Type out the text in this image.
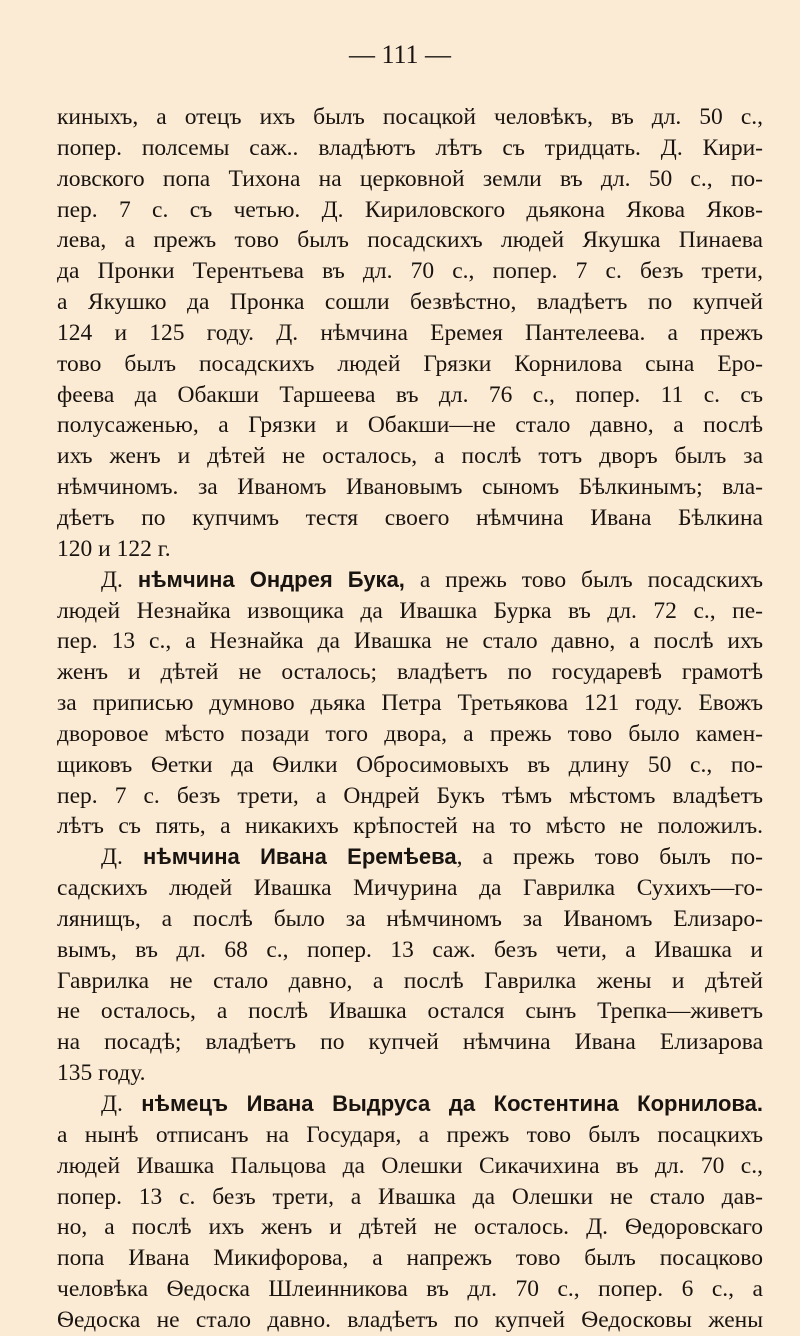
— 111 —
киныхъ, а отецъ ихъ былъ посацкой человѣкъ, въ дл. 50 с.,
попер. полсемы саж.. владѣютъ лѣтъ съ тридцать. Д. Кири-
ловского попа Тихона на церковной земли въ дл. 50 с., по-
пер. 7 с. съ четью. Д. Кириловского дьякона Якова Яков-
лева, а прежъ тово былъ посадскихъ людей Якушка Пинаева
да Пронки Терентьева въ дл. 70 с., попер. 7 с. безъ трети,
а Якушко да Пронка сошли безвѣстно, владѣетъ по купчей
124 и 125 году. Д. нѣмчина Еремея Пантелеева. а прежъ
тово былъ посадскихъ людей Грязки Корнилова сына Еро-
феева да Обакши Таршеева въ дл. 76 с., попер. 11 с. съ
полусаженью, а Грязки и Обакши—не стало давно, а послѣ
ихъ женъ и дѣтей не осталось, а послѣ тотъ дворъ былъ за
нѣмчиномъ. за Иваномъ Ивановымъ сыномъ Бѣлкинымъ; вла-
дѣетъ по купчимъ тестя своего нѣмчина Ивана Бѣлкина
120 и 122 г.
Д. нѣмчина Ондрея Бука, а прежь тово былъ посадскихъ
людей Незнайка извощика да Ивашка Бурка въ дл. 72 с., пе-
пер. 13 с., а Незнайка да Ивашка не стало давно, а послѣ ихъ
женъ и дѣтей не осталось; владѣетъ по государевѣ грамотѣ
за приписью думново дьяка Петра Третьякова 121 году. Евожъ
дворовое мѣсто позади того двора, а прежь тово было камен-
щиковъ Ѳетки да Ѳилки Обросимовыхъ въ длину 50 с., по-
пер. 7 с. безъ трети, а Ондрей Букъ тѣмъ мѣстомъ владѣетъ
лѣтъ съ пять, а никакихъ крѣпостей на то мѣсто не положилъ.
Д. нѣмчина Ивана Еремѣева, а прежь тово былъ по-
садскихъ людей Ивашка Мичурина да Гаврилка Сухихъ—го-
лянищъ, а послѣ было за нѣмчиномъ за Иваномъ Елизаро-
вымъ, въ дл. 68 с., попер. 13 саж. безъ чети, а Ивашка и
Гаврилка не стало давно, а послѣ Гаврилка жены и дѣтей
не осталось, а послѣ Ивашка остался сынъ Трепка—живетъ
на посадѣ; владѣетъ по купчей нѣмчина Ивана Елизарова
135 году.
Д. нѣмецъ Ивана Выдруса да Костентина Корнилова.
а нынѣ отписанъ на Государя, а прежъ тово былъ посацкихъ
людей Ивашка Пальцова да Олешки Сикачихина въ дл. 70 с.,
попер. 13 с. безъ трети, а Ивашка да Олешки не стало дав-
но, а послѣ ихъ женъ и дѣтей не осталось. Д. Ѳедоровскаго
попа Ивана Микифорова, а напрежъ тово былъ посацково
человѣка Ѳедоска Шлеинникова въ дл. 70 с., попер. 6 с., а
Ѳедоска не стало давно. владѣетъ по купчей Ѳедосковы жены
